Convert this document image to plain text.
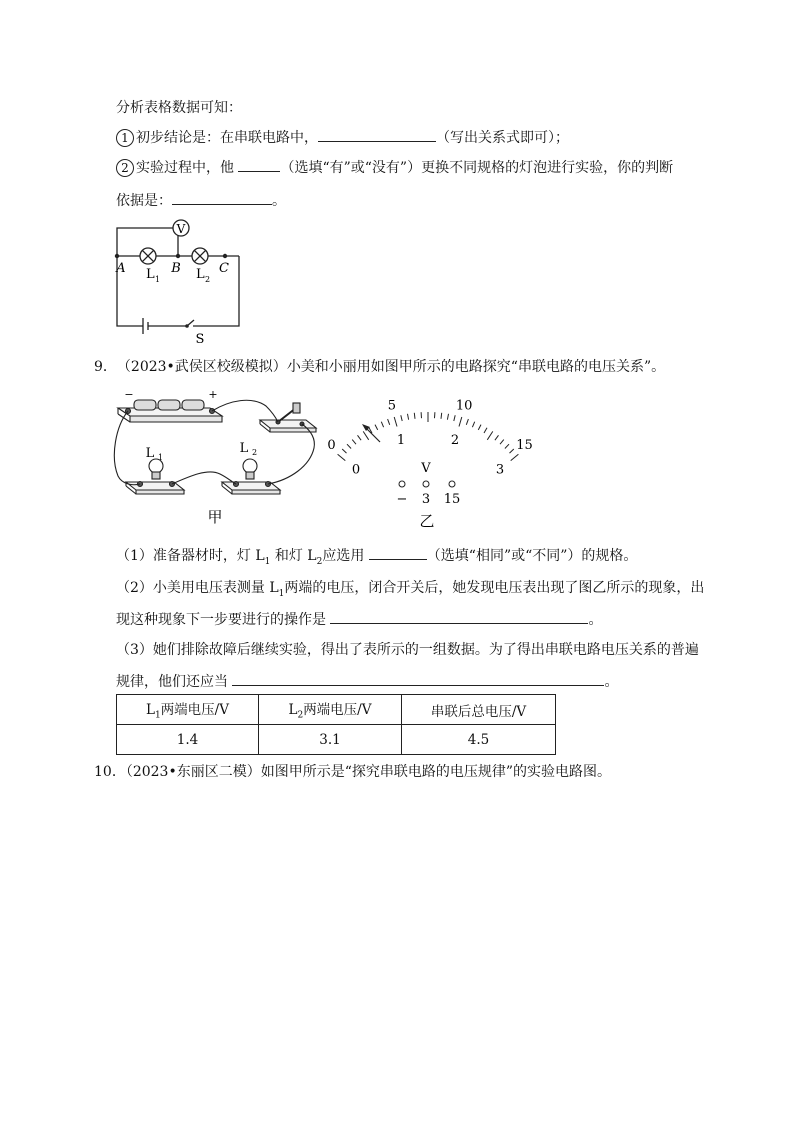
分析表格数据可知：
1 初步结论是：在串联电路中，	（写出关系式即可）；
2 实验过程中，他	（选填“有”或“没有”）更换不同规格的灯泡进行实验，你的判断
依据是：	。
V
A	B	C
L 1	L 2
S
9．（2023•武侯区校级模拟）小美和小丽用如图甲所示的电路探究“串联电路的电压关系”。
−	+
L 1
L 2
甲
0
5	10
15
0
1	2
3
V
− 3 15
乙
（1）准备器材时，灯 $L_1$ 和灯 $L_2$应选用	（选填“相同”或“不同”）的规格。
（2）小美用电压表测量 $L_1$两端的电压，闭合开关后，她发现电压表出现了图乙所示的现象，出
现这种现象下一步要进行的操作是	。
（3）她们排除故障后继续实验，得出了表所示的一组数据。为了得出串联电路电压关系的普遍
规律，他们还应当	。
$L_1$两端电压/V	$L_2$两端电压/V	串联后总电压/V
1.4	3.1	4.5
10．（2023•东丽区二模）如图甲所示是“探究串联电路的电压规律”的实验电路图。
